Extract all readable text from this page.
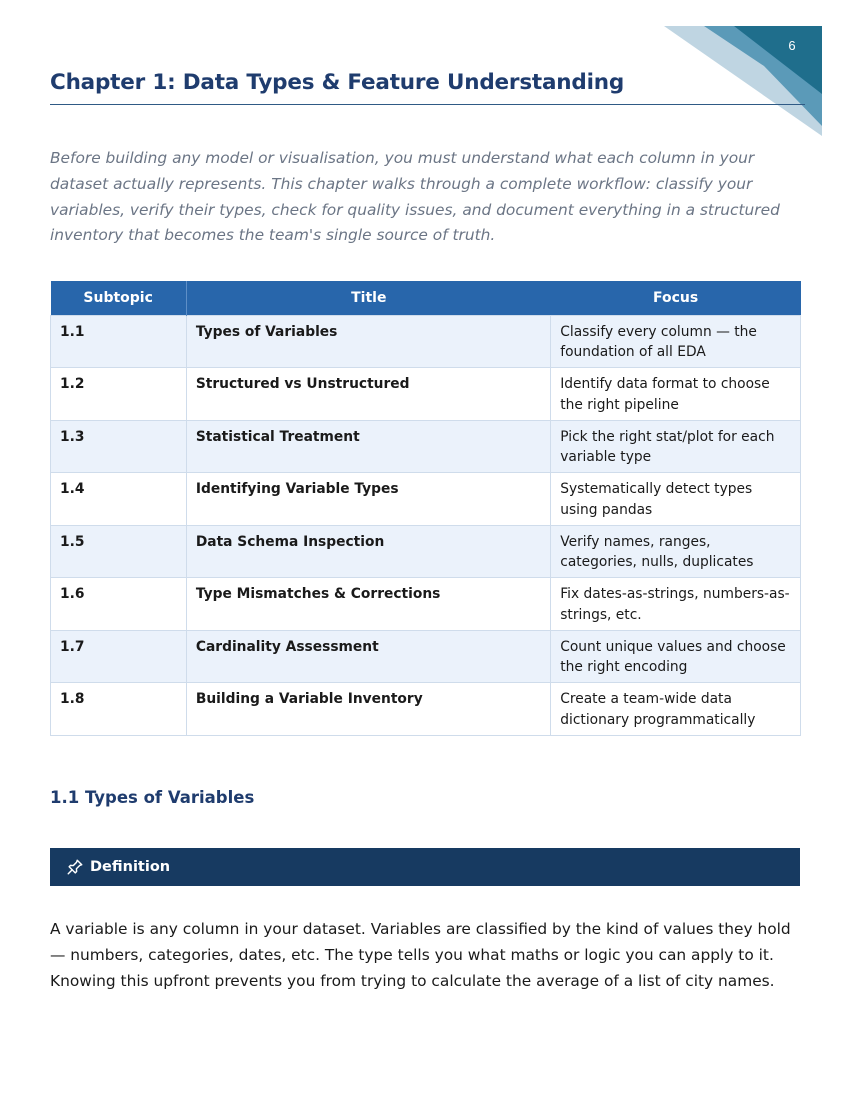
6
Chapter 1: Data Types & Feature Understanding

Before building any model or visualisation, you must understand what each column in your dataset actually represents. This chapter walks through a complete workflow: classify your variables, verify their types, check for quality issues, and document everything in a structured inventory that becomes the team's single source of truth.

Subtopic	Title	Focus
1.1	Types of Variables	Classify every column — the foundation of all EDA
1.2	Structured vs Unstructured	Identify data format to choose the right pipeline
1.3	Statistical Treatment	Pick the right stat/plot for each variable type
1.4	Identifying Variable Types	Systematically detect types using pandas
1.5	Data Schema Inspection	Verify names, ranges, categories, nulls, duplicates
1.6	Type Mismatches & Corrections	Fix dates-as-strings, numbers-as-strings, etc.
1.7	Cardinality Assessment	Count unique values and choose the right encoding
1.8	Building a Variable Inventory	Create a team-wide data dictionary programmatically
1.1 Types of Variables
Definition

A variable is any column in your dataset. Variables are classified by the kind of values they hold — numbers, categories, dates, etc. The type tells you what maths or logic you can apply to it. Knowing this upfront prevents you from trying to calculate the average of a list of city names.
